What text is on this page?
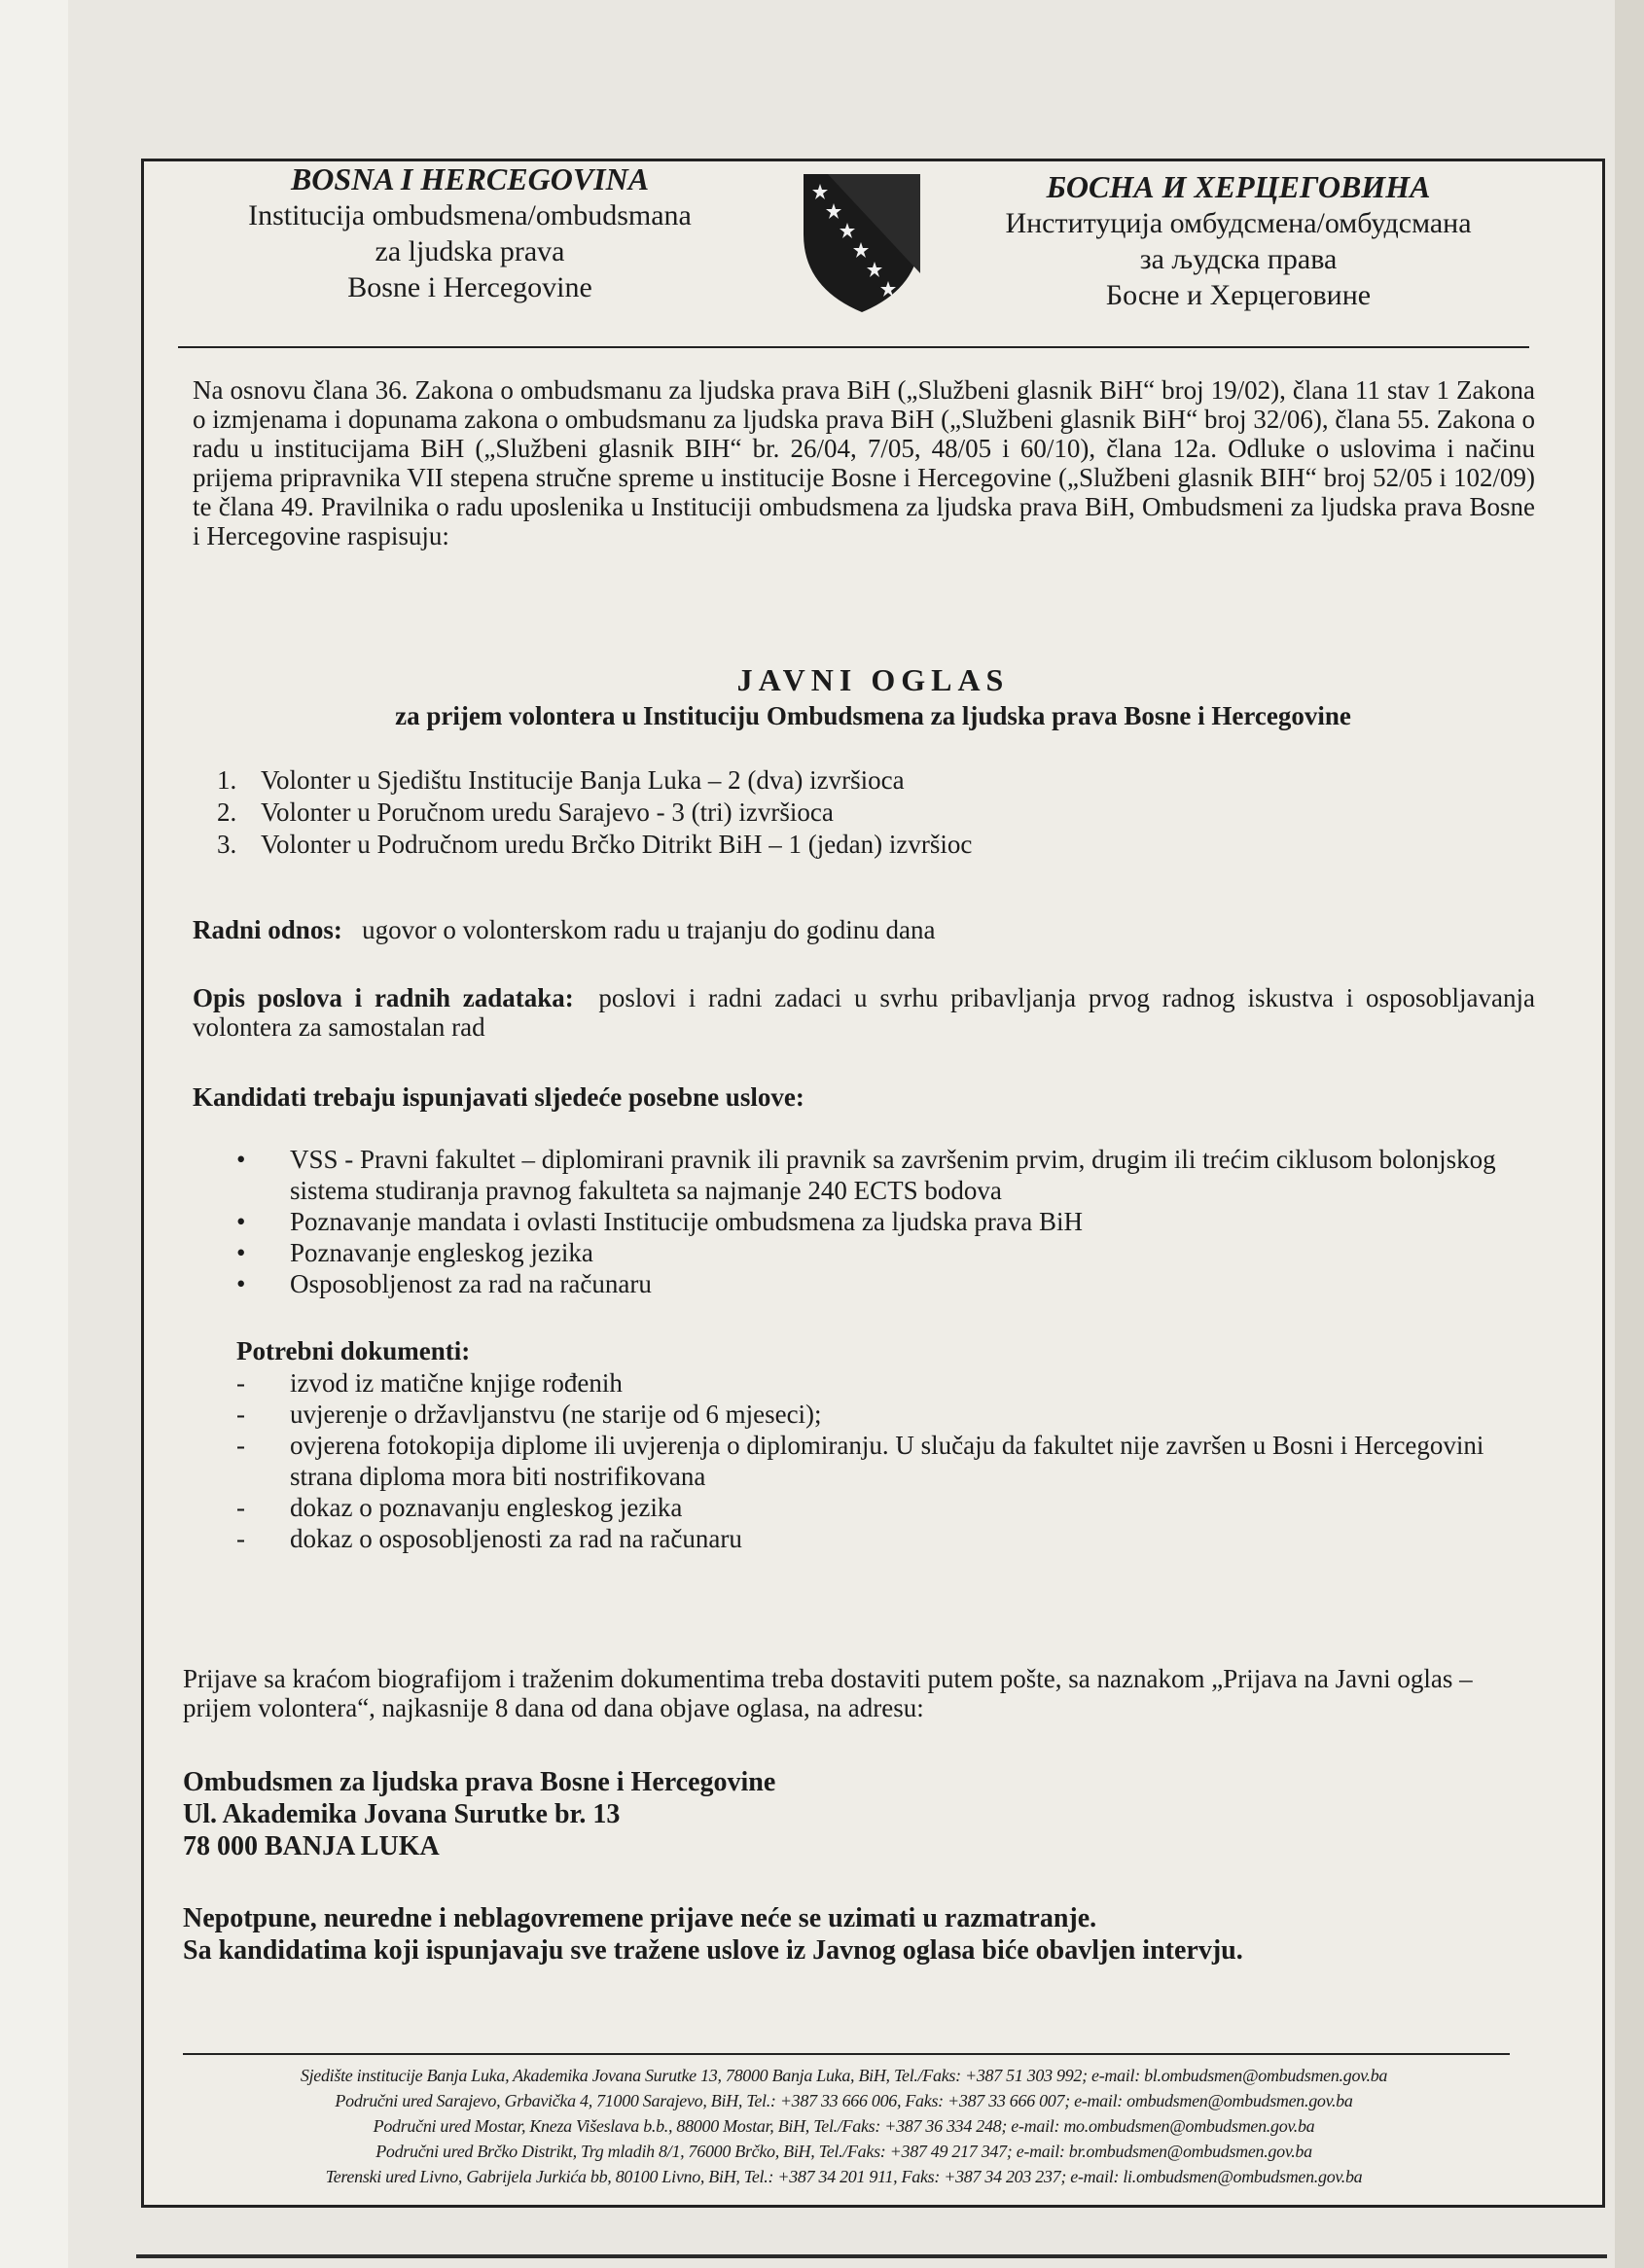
BOSNA I HERCEGOVINA
Institucija ombudsmena/ombudsmana
za ljudska prava
Bosne i Hercegovine
БОСНА И ХЕРЦЕГОВИНА
Институција омбудсмена/омбудсмана
за људска права
Босне и Херцеговине
Na osnovu člana 36. Zakona o ombudsmanu za ljudska prava BiH („Službeni glasnik BiH“ broj 19/02), člana 11 stav 1 Zakona o izmjenama i dopunama zakona o ombudsmanu za ljudska prava BiH („Službeni glasnik BiH“ broj 32/06), člana 55. Zakona o radu u institucijama BiH („Službeni glasnik BIH“ br. 26/04, 7/05, 48/05 i 60/10), člana 12a. Odluke o uslovima i načinu prijema pripravnika VII stepena stručne spreme u institucije Bosne i Hercegovine („Službeni glasnik BIH“ broj 52/05 i 102/09) te člana 49. Pravilnika o radu uposlenika u Instituciji ombudsmena za ljudska prava BiH, Ombudsmeni za ljudska prava Bosne i Hercegovine raspisuju:
JAVNI OGLAS
za prijem volontera u Instituciju Ombudsmena za ljudska prava Bosne i Hercegovine
1. Volonter u Sjedištu Institucije Banja Luka – 2 (dva) izvršioca
2. Volonter u Poručnom uredu Sarajevo - 3 (tri) izvršioca
3. Volonter u Područnom uredu Brčko Ditrikt BiH – 1 (jedan) izvršioc
Radni odnos: ugovor o volonterskom radu u trajanju do godinu dana
Opis poslova i radnih zadataka: poslovi i radni zadaci u svrhu pribavljanja prvog radnog iskustva i osposobljavanja volontera za samostalan rad
Kandidati trebaju ispunjavati sljedeće posebne uslove:
• VSS - Pravni fakultet – diplomirani pravnik ili pravnik sa završenim prvim, drugim ili trećim ciklusom bolonjskog sistema studiranja pravnog fakulteta sa najmanje 240 ECTS bodova
• Poznavanje mandata i ovlasti Institucije ombudsmena za ljudska prava BiH
• Poznavanje engleskog jezika
• Osposobljenost za rad na računaru
Potrebni dokumenti:
- izvod iz matične knjige rođenih
- uvjerenje o državljanstvu (ne starije od 6 mjeseci);
- ovjerena fotokopija diplome ili uvjerenja o diplomiranju. U slučaju da fakultet nije završen u Bosni i Hercegovini strana diploma mora biti nostrifikovana
- dokaz o poznavanju engleskog jezika
- dokaz o osposobljenosti za rad na računaru
Prijave sa kraćom biografijom i traženim dokumentima treba dostaviti putem pošte, sa naznakom „Prijava na Javni oglas – prijem volontera“, najkasnije 8 dana od dana objave oglasa, na adresu:
Ombudsmen za ljudska prava Bosne i Hercegovine
Ul. Akademika Jovana Surutke br. 13
78 000 BANJA LUKA
Nepotpune, neuredne i neblagovremene prijave neće se uzimati u razmatranje.
Sa kandidatima koji ispunjavaju sve tražene uslove iz Javnog oglasa biće obavljen intervju.
Sjedište institucije Banja Luka, Akademika Jovana Surutke 13, 78000 Banja Luka, BiH, Tel./Faks: +387 51 303 992; e-mail: bl.ombudsmen@ombudsmen.gov.ba
Područni ured Sarajevo, Grbavička 4, 71000 Sarajevo, BiH, Tel.: +387 33 666 006, Faks: +387 33 666 007; e-mail: ombudsmen@ombudsmen.gov.ba
Područni ured Mostar, Kneza Višeslava b.b., 88000 Mostar, BiH, Tel./Faks: +387 36 334 248; e-mail: mo.ombudsmen@ombudsmen.gov.ba
Područni ured Brčko Distrikt, Trg mladih 8/1, 76000 Brčko, BiH, Tel./Faks: +387 49 217 347; e-mail: br.ombudsmen@ombudsmen.gov.ba
Terenski ured Livno, Gabrijela Jurkića bb, 80100 Livno, BiH, Tel.: +387 34 201 911, Faks: +387 34 203 237; e-mail: li.ombudsmen@ombudsmen.gov.ba
